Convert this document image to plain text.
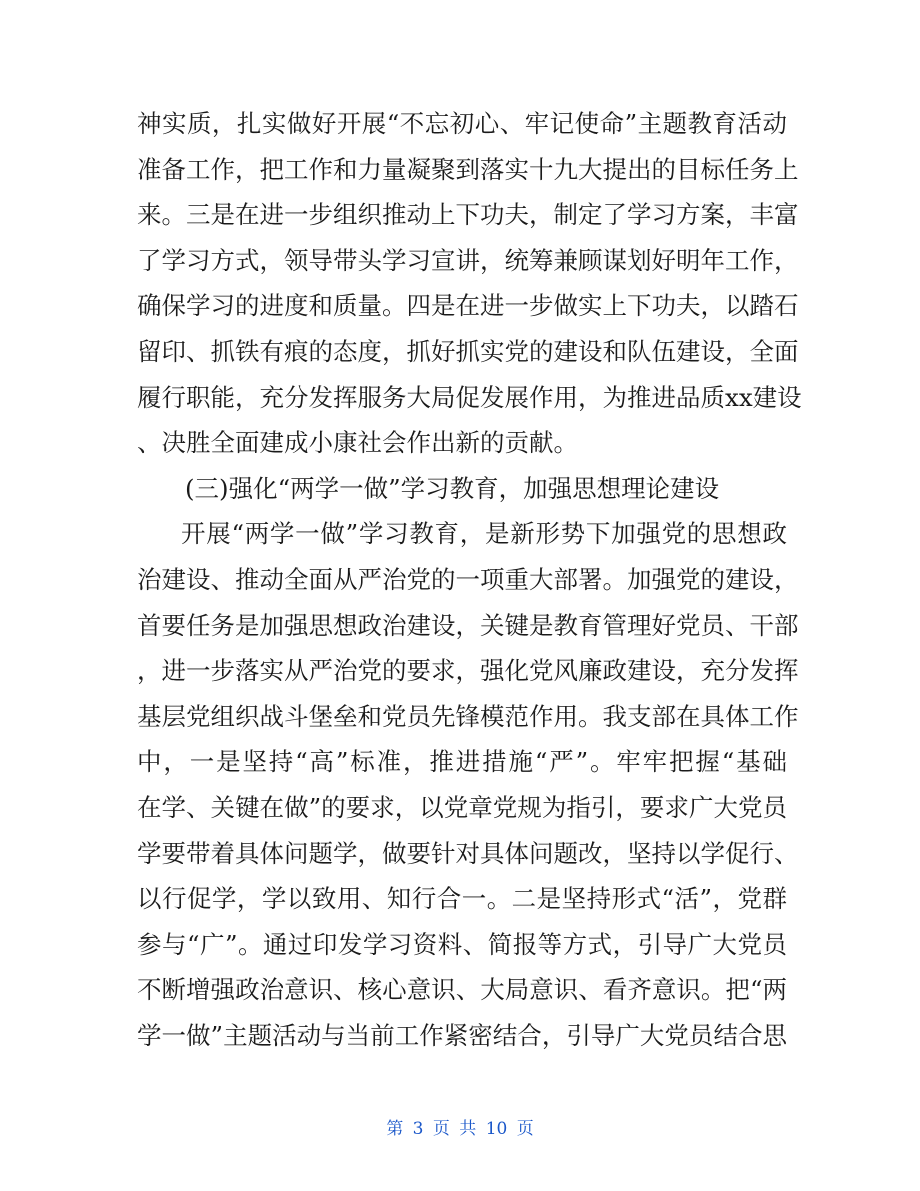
神实质，扎实做好开展“不忘初心、牢记使命”主题教育活动
准备工作，把工作和力量凝聚到落实十九大提出的目标任务上
来。三是在进一步组织推动上下功夫，制定了学习方案，丰富
了学习方式，领导带头学习宣讲，统筹兼顾谋划好明年工作，
确保学习的进度和质量。四是在进一步做实上下功夫，以踏石
留印、抓铁有痕的态度，抓好抓实党的建设和队伍建设，全面
履行职能，充分发挥服务大局促发展作用，为推进品质xx建设
、决胜全面建成小康社会作出新的贡献。
(三)强化“两学一做”学习教育，加强思想理论建设
开展“两学一做”学习教育，是新形势下加强党的思想政
治建设、推动全面从严治党的一项重大部署。加强党的建设，
首要任务是加强思想政治建设，关键是教育管理好党员、干部
，进一步落实从严治党的要求，强化党风廉政建设，充分发挥
基层党组织战斗堡垒和党员先锋模范作用。我支部在具体工作
中，一是坚持“高”标准，推进措施“严”。牢牢把握“基础
在学、关键在做”的要求，以党章党规为指引，要求广大党员
学要带着具体问题学，做要针对具体问题改，坚持以学促行、
以行促学，学以致用、知行合一。二是坚持形式“活”，党群
参与“广”。通过印发学习资料、简报等方式，引导广大党员
不断增强政治意识、核心意识、大局意识、看齐意识。把“两
学一做”主题活动与当前工作紧密结合，引导广大党员结合思
第 3 页 共 10 页
